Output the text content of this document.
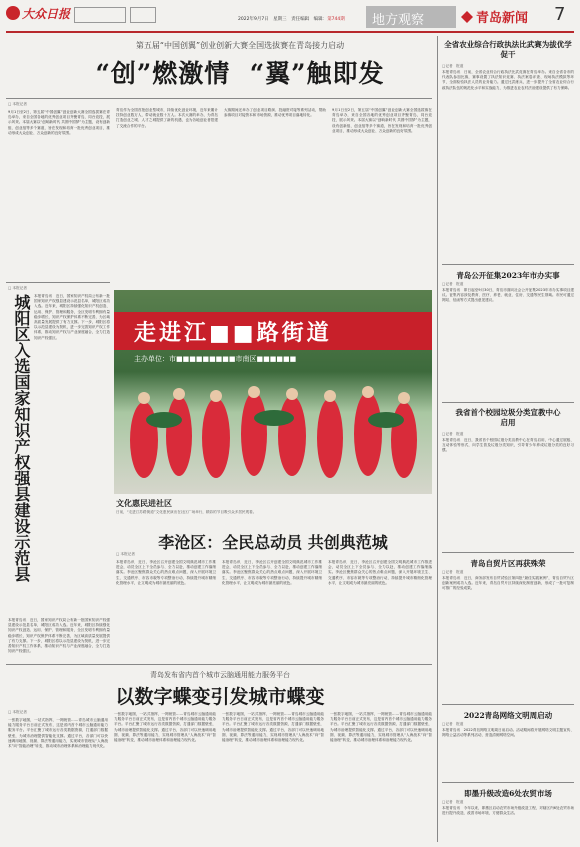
大众日报	2022年9月7日　星期三　责任编辑　编辑：第744期 地方观察	青岛新闻 7
第五届“中国创翼”创业创新大赛全国选拔赛在青岛接力启动
“创”燃激情 “翼”触即发
□ 本报记者
9月1日至2日，第五届“中国创翼”创业创新大赛全国选拔赛在青岛举办，来自全国各地的优秀创业项目齐聚青岛，同台竞技，展示风采。本届大赛以“创响新时代 共圆中国梦”为主题，设有创新组、创业组等多个赛道，旨在发现和培育一批优秀创业项目，推动形成大众创业、万众创新的良好氛围。
青岛作为全国首批创业型城市，持续优化创业环境，近年来累计扶持创业数万人，带动就业数十万人。本次大赛的举办，为青岛打造创业之城、人才之城提供了新的机遇，也为各地创业者搭建了交流合作的平台。
大赛期间还举办了创业项目路演、投融资对接等系列活动，帮助参赛项目对接资本和市场资源，推动优秀项目落地转化。
9月1日至2日，第五届“中国创翼”创业创新大赛全国选拔赛在青岛举办，来自全国各地的优秀创业项目齐聚青岛，同台竞技，展示风采。本届大赛以“创响新时代 共圆中国梦”为主题，设有创新组、创业组等多个赛道，旨在发现和培育一批优秀创业项目，推动形成大众创业、万众创新的良好氛围。
□ 本报记者
本报青岛讯　近日，国家知识产权局公布新一批国家知识产权强县建设示范县名单，城阳区成功入选。近年来，城阳区持续强化知识产权创造、运用、保护、管理和服务，全区发明专利拥有量稳步增长，知识产权保护体系不断完善，为区域高质量发展提供了有力支撑。下一步，城阳区将以示范县建设为契机，进一步完善知识产权工作体系，推动知识产权与产业深度融合，全力打造知识产权强区。
城阳区入选国家知识产权强县建设示范县
本报青岛讯　近日，国家知识产权局公布新一批国家知识产权强县建设示范县名单，城阳区成功入选。近年来，城阳区持续强化知识产权创造、运用、保护、管理和服务，全区发明专利拥有量稳步增长，知识产权保护体系不断完善，为区域高质量发展提供了有力支撑。下一步，城阳区将以示范县建设为契机，进一步完善知识产权工作体系，推动知识产权与产业深度融合，全力打造知识产权强区。
走进江■■路街道
主办单位：市■■■■■■■■■市南区■■■■■■
文化惠民进社区
日前，“走进江苏路街道”文化惠民演出在社区广场举行，精彩的节目吸引众多居民观看。
李沧区：全民总动员 共创典范城
□ 本报记者
本报青岛讯　近日，李沧区召开创建全国文明典范城市工作推进会，动员全区上下全员参与、全力以赴，推动创建工作落细落实。李沧区聚焦群众关心的热点难点问题，深入开展环境卫生、交通秩序、市容市貌等专项整治行动，持续提升城市精细化管理水平，让文明成为城市最亮丽的底色。
本报青岛讯　近日，李沧区召开创建全国文明典范城市工作推进会，动员全区上下全员参与、全力以赴，推动创建工作落细落实。李沧区聚焦群众关心的热点难点问题，深入开展环境卫生、交通秩序、市容市貌等专项整治行动，持续提升城市精细化管理水平，让文明成为城市最亮丽的底色。
本报青岛讯　近日，李沧区召开创建全国文明典范城市工作推进会，动员全区上下全员参与、全力以赴，推动创建工作落细落实。李沧区聚焦群众关心的热点难点问题，深入开展环境卫生、交通秩序、市容市貌等专项整治行动，持续提升城市精细化管理水平，让文明成为城市最亮丽的底色。
青岛发布省内首个城市云脑通用能力服务平台
以数字蝶变引发城市蝶变
□ 本报记者
一张数字地图，一站式指挥，一网统管……青岛城市云脑通用能力服务平台日前正式发布，这是省内首个城市云脑通用能力服务平台。平台汇聚了城市运行各类数据资源，打通部门数据壁垒，为城市治理提供智能化支撑。通过平台，各部门可以快速调用地图、视频、算法等通用能力，实现城市管理从“人海战术”向“智能治理”转变，推动城市治理体系和治理能力现代化。
一张数字地图，一站式指挥，一网统管……青岛城市云脑通用能力服务平台日前正式发布，这是省内首个城市云脑通用能力服务平台。平台汇聚了城市运行各类数据资源，打通部门数据壁垒，为城市治理提供智能化支撑。通过平台，各部门可以快速调用地图、视频、算法等通用能力，实现城市管理从“人海战术”向“智能治理”转变，推动城市治理体系和治理能力现代化。
一张数字地图，一站式指挥，一网统管……青岛城市云脑通用能力服务平台日前正式发布，这是省内首个城市云脑通用能力服务平台。平台汇聚了城市运行各类数据资源，打通部门数据壁垒，为城市治理提供智能化支撑。通过平台，各部门可以快速调用地图、视频、算法等通用能力，实现城市管理从“人海战术”向“智能治理”转变，推动城市治理体系和治理能力现代化。
一张数字地图，一站式指挥，一网统管……青岛城市云脑通用能力服务平台日前正式发布，这是省内首个城市云脑通用能力服务平台。平台汇聚了城市运行各类数据资源，打通部门数据壁垒，为城市治理提供智能化支撑。通过平台，各部门可以快速调用地图、视频、算法等通用能力，实现城市管理从“人海战术”向“智能治理”转变，推动城市治理体系和治理能力现代化。
全省农业综合行政执法比武赛为拔优学促干
□记者　报道
本报青岛讯　日前，全省农业综合行政执法比武竞赛在青岛举办。来自全省各市的代表队参加比赛，赛事设置了执法知识竞赛、执法案卷评查、现场执法模拟等环节，全面检验执法人员的业务能力。通过比武练兵，进一步提升了全省农业综合行政执法队伍的规范化水平和实战能力，为推进农业农村法治建设提供了有力保障。
青岛公开征集2023年市办实事
□记者　报道
本报青岛讯　即日起至9月30日，青岛市面向社会公开征集2023年市办实事项目建议。征集内容涉及教育、医疗、养老、就业、住房、交通等民生领域。市民可通过网站、信函等方式提出意见建议。
我省首个校园垃圾分类宣教中心启用
□记者　报道
本报青岛讯　近日，我省首个校园垃圾分类宣教中心在青岛启用，中心通过展板、互动体验等形式，向学生普及垃圾分类知识，引导青少年养成垃圾分类的良好习惯。
青岛自贸片区再获殊荣
□记者　报道
本报青岛讯　近日，商务部发布自贸试验区第四批“最佳实践案例”，青岛自贸片区创新案例成功入选。近年来，青岛自贸片区持续深化制度创新，形成了一批可复制可推广的经验成果。
2022青岛网络文明周启动
□记者　报道
本报青岛讯　2022青岛网络文明周日前启动。活动期间将开展网络文明主题宣传、网络公益活动等系列活动，营造清朗网络空间。
即墨升级改造6处农贸市场
□记者　报道
本报青岛讯　今年以来，即墨区启动农贸市场升级改造工程，对辖区内6处农贸市场进行提升改造，改善市场环境，方便群众生活。
